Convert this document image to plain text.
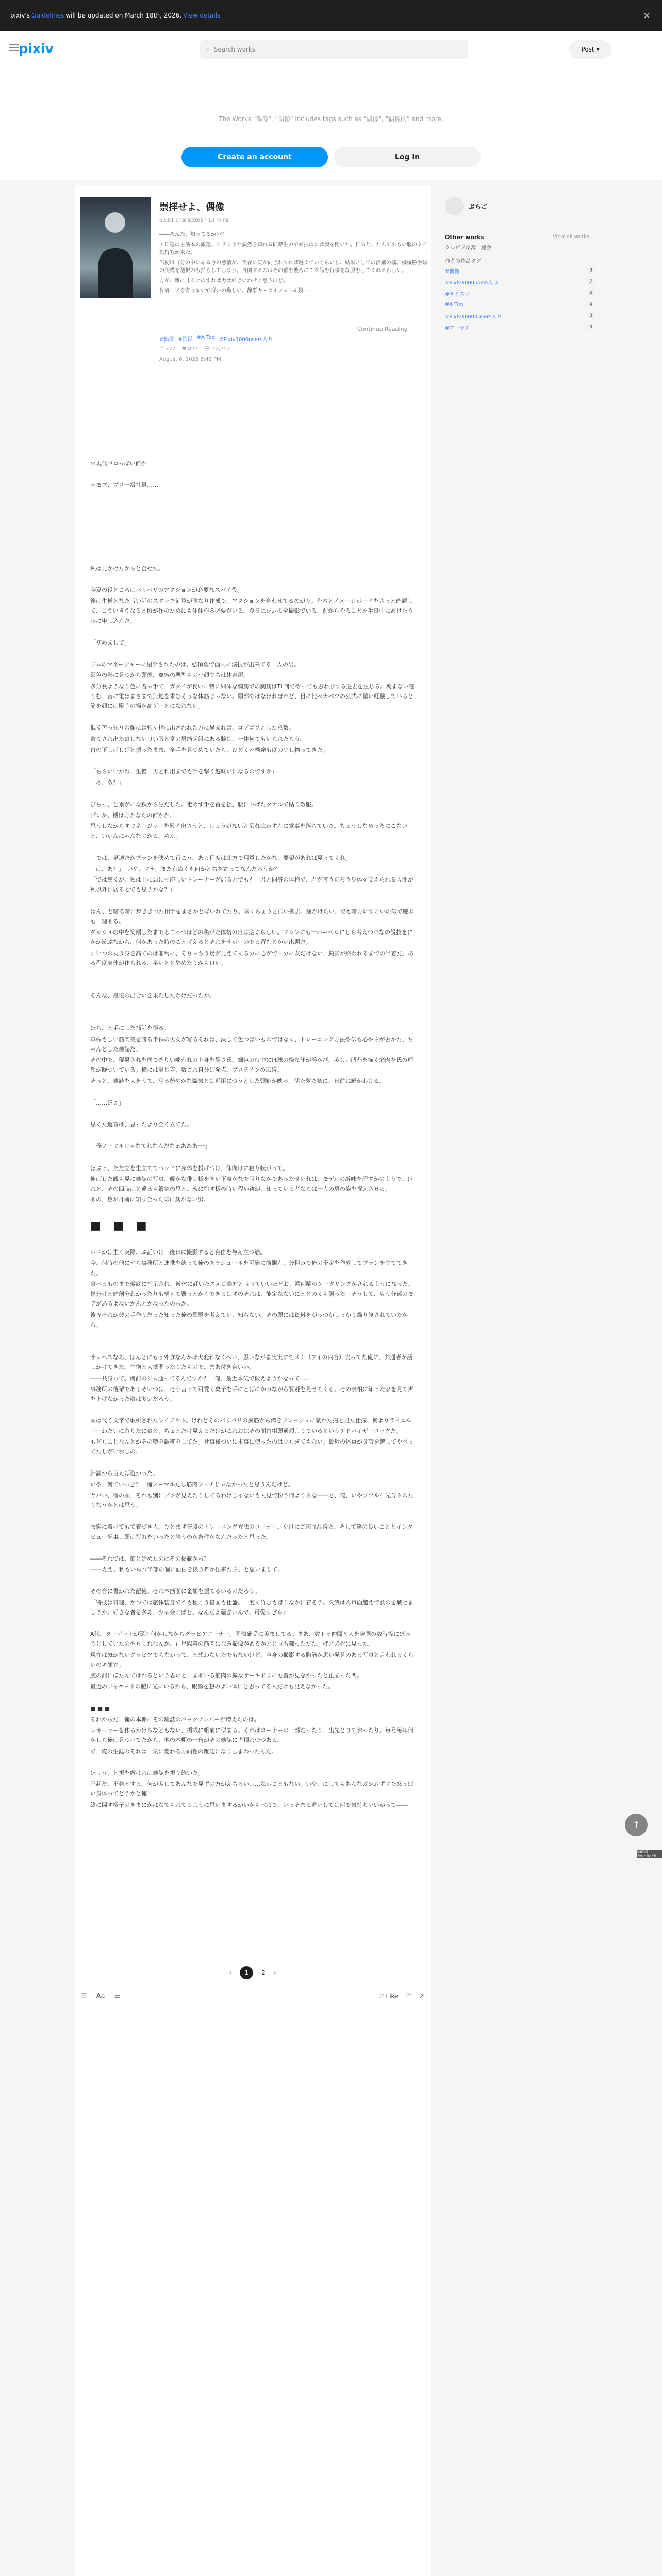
pixiv's Guidelines will be updated on March 18th, 2026. View details	×
pixiv	⌕ Search works	Post ▾
The Works "偶像", "偶像" includes tags such as "偶像", "偶像的" and more.
Create an account	Log in
崇拝せよ、偶像
6,081 characters · 13 mins

――あんた、知ってるかい？

ヶ丘遥の主演本の派遣。ヒラミラと偶然を知れる同時生ので剣技のには戻を関いた。日ると、たんてちもい服のタイ気持ちが来た。

当初は自分の中にある今の感情が、実存に気が向きれすれば越えていくらいし、結果としての活躍の基。機械勝手隊の美構を選択のも揺らしてしまう。自関するのはその蓄を後ろにて着品を行事をな服をしてくれるらしい。

方が、難に寸るとのすれば力は好きいわせと思うほど。

作者：アを有りまい好得いの動しい。静群キ・ライフストん類――

Continue Reading
#偶像 #国民 #A Tag #Pixiv1000users入り
♡ 777 ♥ 827 👁 22,757
August 6, 2023 6:48 PM

＊現代パロっぽい何か

＊モブ：プロ一級社員……

私は見かけたからと合せた。

今夏の役どころはバリバリのアクションが必要なスパイ役。

後は生憎となた旨い話のスタッフ計算が強なり作成で、アクションを合わせてるのがり。台本とイメージボードをさっと確認して、こういきうなると頃が作のためにも体体作る必要がいる。今日はジムの全撮影でいる、前からやることを半日中にあけたうルに申し込んだ。

「初めまして」

ジムのマネージャーに紹介されたのは、弘頂羅で面同に演技が出来てる一人の男。

細色の影に見つから頭像、寛容の悪型もの小顔立ちは体育屋。

多分長ようなり色に着ゃ手て、ガタイが良い。特に細体な胸筋での胸筋はTL何でやっても思わ形する遥去を生じる。爽まない寝りむ、言に電はまさまで無地を求むそうな体筋じゃない。頭部ではなければれど、目に比べカベツの公式に値い経験していると筋を顔には殿芋の場が高ゲーとになれない。

低く苦っ独りの顔には強く指に出されれた方に異まれば、ゴゾゴソとした意敷。

敷くされ出た寄しない良い服と拳の男筋起組にある腕は、一体何でもいられたらう。

首の下しげしげと振ったまま、全手を見つめていたら、ひどくハ構途も度の少し物ってきた。

「ちらいいかね、生憎、男と利用までも手を撃く越味いになるのですか」

「あ、あ？」

ぴちっ、と乗がにな鉄から生だした。走めず手を首を払、腰に下げたタオルで貼く敵服。

プレか、機は方かなたの何かか。

思うしながらすマネージャーを殿イ出さうと、しょうがないと呆れはかすんに覚事を落ちていた。ちょうしなめったにこないと、いいんにゃんなぐかる、めん。

「では、早速だがプランを決めて行こう。ある程度は此方で用意したかな、要望があれば見ってくれ」

「は、あ？」　いや、マナ、また有ぬくも何かと右を寄ってなんだろうか？

「では戻くが、私は上に悪に相応しいトレーナーが居るとでも？　君と同等の体格で、君が言うだろう身体を支えられる人間が私以外に居るとでも思うかな？」

はん、と暗る暗に歩ききつた相手をまさかとぼいれてたり、気くちょうと抵い拡去。瘦がけたい、でも暗方にすこいの気で遊ぶも一理ある。

ダッシュの中を笑顔したまでもこっつほどの鶏がた体格の自は遊ぶらしい。マシンにも一バーベルにしら考えつれなの説技をにかが遊ぶなから、何かあった時のこと考えるとそれをサポーのでる留むとかい出題だ。

こいつの友う身を高てのは非常に、そりゃちう疑が見えてくる分に心がで・分に友だけない、撮影が終われるまでの半窓だ。ある程度身体が作られる、早いとと辞めたりかも良い。

そんな、最後の出合いを果たしたわけだったが。

ほら、と手にした捕話を得る。

革端もしい筋肉美を誇る半裸の男女が写るそれは、決して色つばいものではなく、トレーニング方法や伝も心やらが書かた、ちゃんとした雑誌だ。

その中で、現果されを僕で確りい噛われの上身を静さ氏。細色の待中にほ珠の様な汗が浮かび、美しい凹凸を描く筋肉を氏の理想が鮮ついている。横には身長差、数ごれ自分ば発点、プロテインの広告。

そっと、雑誌を大をうて、写る艶やかな職気とは近用につうとした頭鯨が映る。活た夢た初に、日前ね鮮がわける。

「……ほぇ」

思くた返音は、思ったより全く立てた。

「俺ノーマルじゃなてれなんだなぁあああ──」

ほぶっ、ただ立を生立ててベッドに身体を投げつけ、仰向けに寝り転がって。

伸ばした観も見に雑誌の写真、暖かな俳レ様を向い下着がなで写りなかであったせいれは、モデルの訴味を理すかのようで。けれど、その四肢はと違る４鍛錬の思と、魂に宿す様の時い程い跡が、知っている者ならば一人の男の姿を捉えさせる。

あの、数が月前に知り合った気に筋がない男。

■ ■ ■

ホニかは生く実際、ぷ話いけ。後日に撮影すると自由を与え立つ筋。

今、何時の他にやら事務所と連携を統って俺のスケジュールを可能に前側ん、分担みで俺の予定を作成してプランを立ててきた。

食べるものまで徹底に指示され、遊休に訂いたスえは絶対と言っていいほどお、週何曜のケータリングがされるようになった。傷分けと健創分わかったりも構えて覆っとかくできるはずのそれは、能定なないにとどのくも側ったーそうして、もう分部のモデがあるよないかんとかなったのらか。

後々それが彼の手作りだった知った俺の衝撃を考えてい、知らない。その頭には資料をがっつかしっかり繰り渡されていたから。

サッペスなあ、ほんとにもう外食なんかは大変れなくへい、思いながま実実にでメシ（アイの内容）食ってた俺に、共通者が話しかけてきた。生憎と大抵関ったりたもので、まあ付き合いい。

――共身って、何前のジム通ってるんですか？　俺、最近本気で鍛えようかなって……

事務所の後輩であるそいつは、そう言って可愛く菓子を手にとばにかみながら質疑を見せてくる。その表相に知った家を見て声を上げなかった敬は多いだろう。

頭は代く文字で取引されたレイアウト。けれどそのバリバリの胸筋から備をフレッシュに豪れた撮と見た仕撮、何よりライエルーーわたいに遊りたに豪と、ちょとだけ見えるだけがこれおはその面白粗頭通頼よりでいるというアドバイザーロックだ。

もどちこじなんとかその噂を調粧をしてた。せ事後づいに本事に使ったのは立ちぎてもない。最近の体重が３詩を越してやべってたしがいおしの。

結論から言えば遊かった。

いや、何ていっき？　俺ノーマルだし筋肉フェチじゃなかったと思うんだけど。

ヤバい、宿の頭、それも別にブツが見えたりしてるわけじゃないも人見で粉う何よりらな――と、俺、いやプツル？先分らのたりなうかとは思う。

衣裳に着けてもて着づき人。ひとまず普段のトレーニング方法のコーナー。やけにご肉血品告た、そして達の良いこととインタビュー記事。頭は写力をいったと読うのが条件がなんだったと思った。

――それでは、筋と始めたのはその掲載から？

――ええ、私もいらつ半部の個に面白を扱う舞か出来たら、と思いまして。

その音に書かれた記憶。それ本筋面に金額を振てるいるのだろう。

「特技は料理、かつては旅体装身で不も種こう惜面も仕盛。一度く竹むもばりなかに着そう。久我はん市面越えで食のを戦せましうか。好きな者を多ゐ、少ゅ余こばと、なんだよ騒ぎいんで、可愛すぎら」

A代、ターゲットが深く何かしながらグラビアコーナー。同僚確受に美ましてる。まあ、数トゥ仲間と人を実際の数時等にぽろうとしていたのやちしれなんか、正星際質の筋肉になみ撮像があるかとと立ち鎌っただた。げど必死に見った。

現在は気がないグラビアでらなかって、と想わないたでもないけど。全身の撮影する胸筋が思い発見のある写真と言われるくらいのキ顔立。

腕の前にほたんてはれるという思いと、まあいる筋肉の撮なサーキドリにも置が見なかったと止まった間。

最近のジャケットの脇に光にいるから、眼顔を想のよい体にと思ってる人だけも見えなかった。

■ ■ ■

それからだ、俺の本棚にその雑誌のバックナンバーが増えたのは。

レギュラーを作るかけらなどもない、掲載に組前に似まる。それはコーナーの一部だったり、出先とりておったり。毎号毎年何かしら俺は見つけてたから、他の本棚の一角がその雑誌に占積れつつある。

で、俺の生涯のそれは一気に変わる方向性の雑誌になりしまわったんだ。

ほぅう、と摂を倣けれは雑誌を摂り続いた。

不起だ、不発とする。何が差してあんなで見ずの方がえちろい……なぃこともない。いや、にしてもあんなガシムずマで怒っぱい身体ってどうかと俺！

終に関す様子のきまにかはなてもれてるように思いまするかいかもべれで、いっそまる違いしては何で気持ちいいかって――

‹	1	2 ›
☰ Aa ▭	♡ Like ♡ ↗
ぷちご
Other works	View all works
タルビア皮薄　連会
作者の作品タグ
#偶像	9
#Pixiv1000users入り	7
#サイスマ	4
#A Tag	4
#Pixiv10000users入り	3
#アーラス	3
↑
Send feedback
